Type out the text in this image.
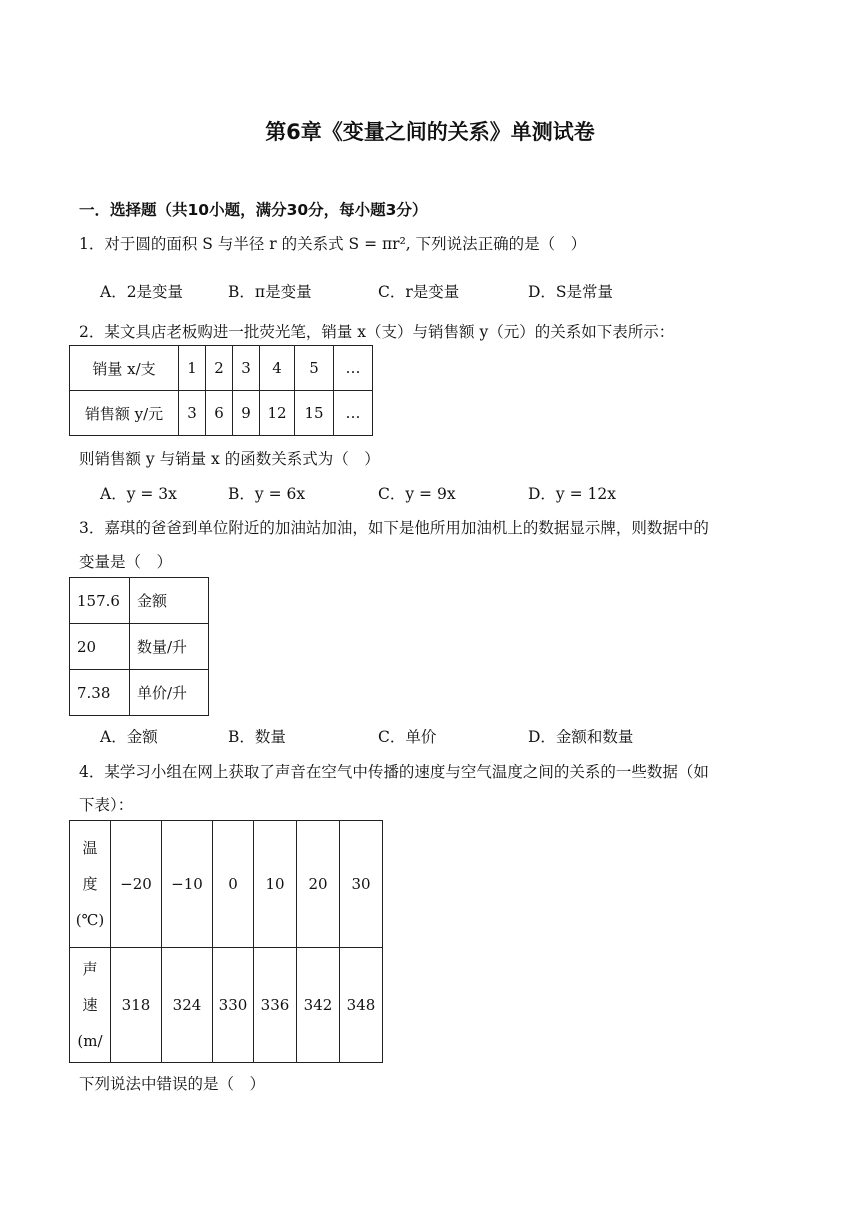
第6章《变量之间的关系》单测试卷
一．选择题（共10小题，满分30分，每小题3分）
1．对于圆的面积 S 与半径 r 的关系式 S = πr², 下列说法正确的是（　）
A．2是变量	B．π是变量	C．r是变量	D．S是常量
2．某文具店老板购进一批荧光笔，销量 x（支）与销售额 y（元）的关系如下表所示：
销量 x/支	1	2	3	4	5	…
销售额 y/元	3	6	9	12	15	…
则销售额 y 与销量 x 的函数关系式为（　）
A．y = 3x	B．y = 6x	C．y = 9x	D．y = 12x
3．嘉琪的爸爸到单位附近的加油站加油，如下是他所用加油机上的数据显示牌，则数据中的
变量是（　）
157.6	金额
20	数量/升
7.38	单价/升
A．金额	B．数量	C．单价	D．金额和数量
4．某学习小组在网上获取了声音在空气中传播的速度与空气温度之间的关系的一些数据（如
下表）：
温
度
(℃)	−20	−10	0	10	20	30

声
速
(m/	318	324	330	336	342	348
下列说法中错误的是（　）
